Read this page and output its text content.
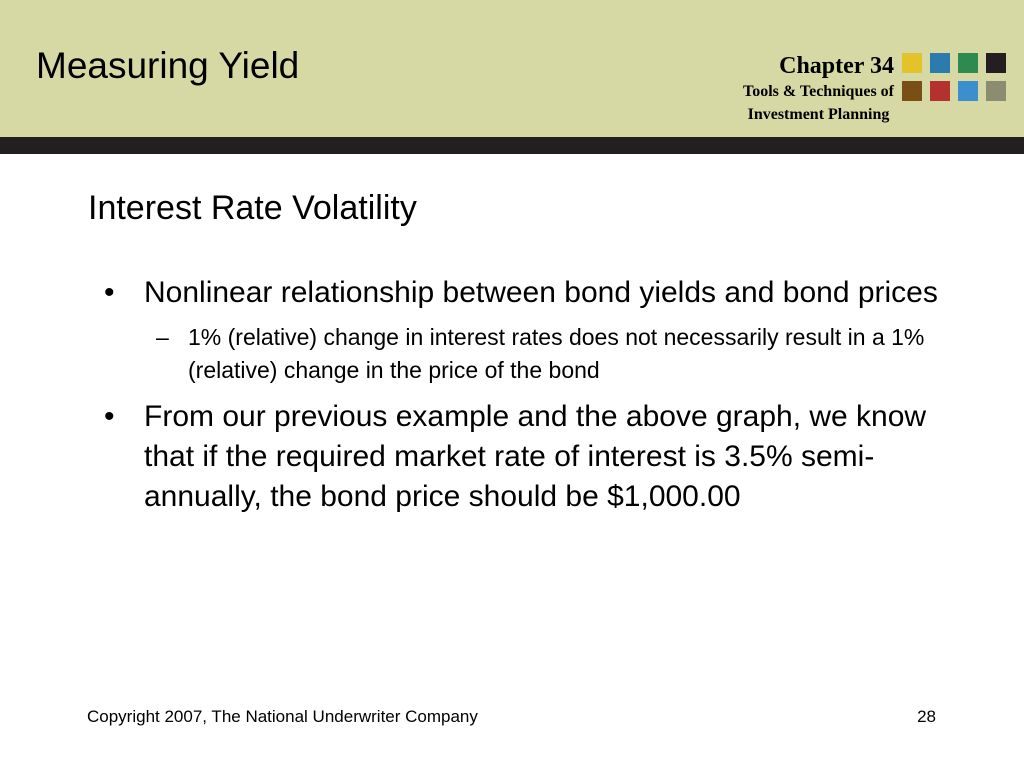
Measuring Yield	Chapter 34
Tools & Techniques of
Investment Planning
Interest Rate Volatility
• Nonlinear relationship between bond yields and bond prices
– 1% (relative) change in interest rates does not necessarily result in a 1% (relative) change in the price of the bond
• From our previous example and the above graph, we know that if the required market rate of interest is 3.5% semi-annually, the bond price should be $1,000.00
Copyright 2007, The National Underwriter Company	28
